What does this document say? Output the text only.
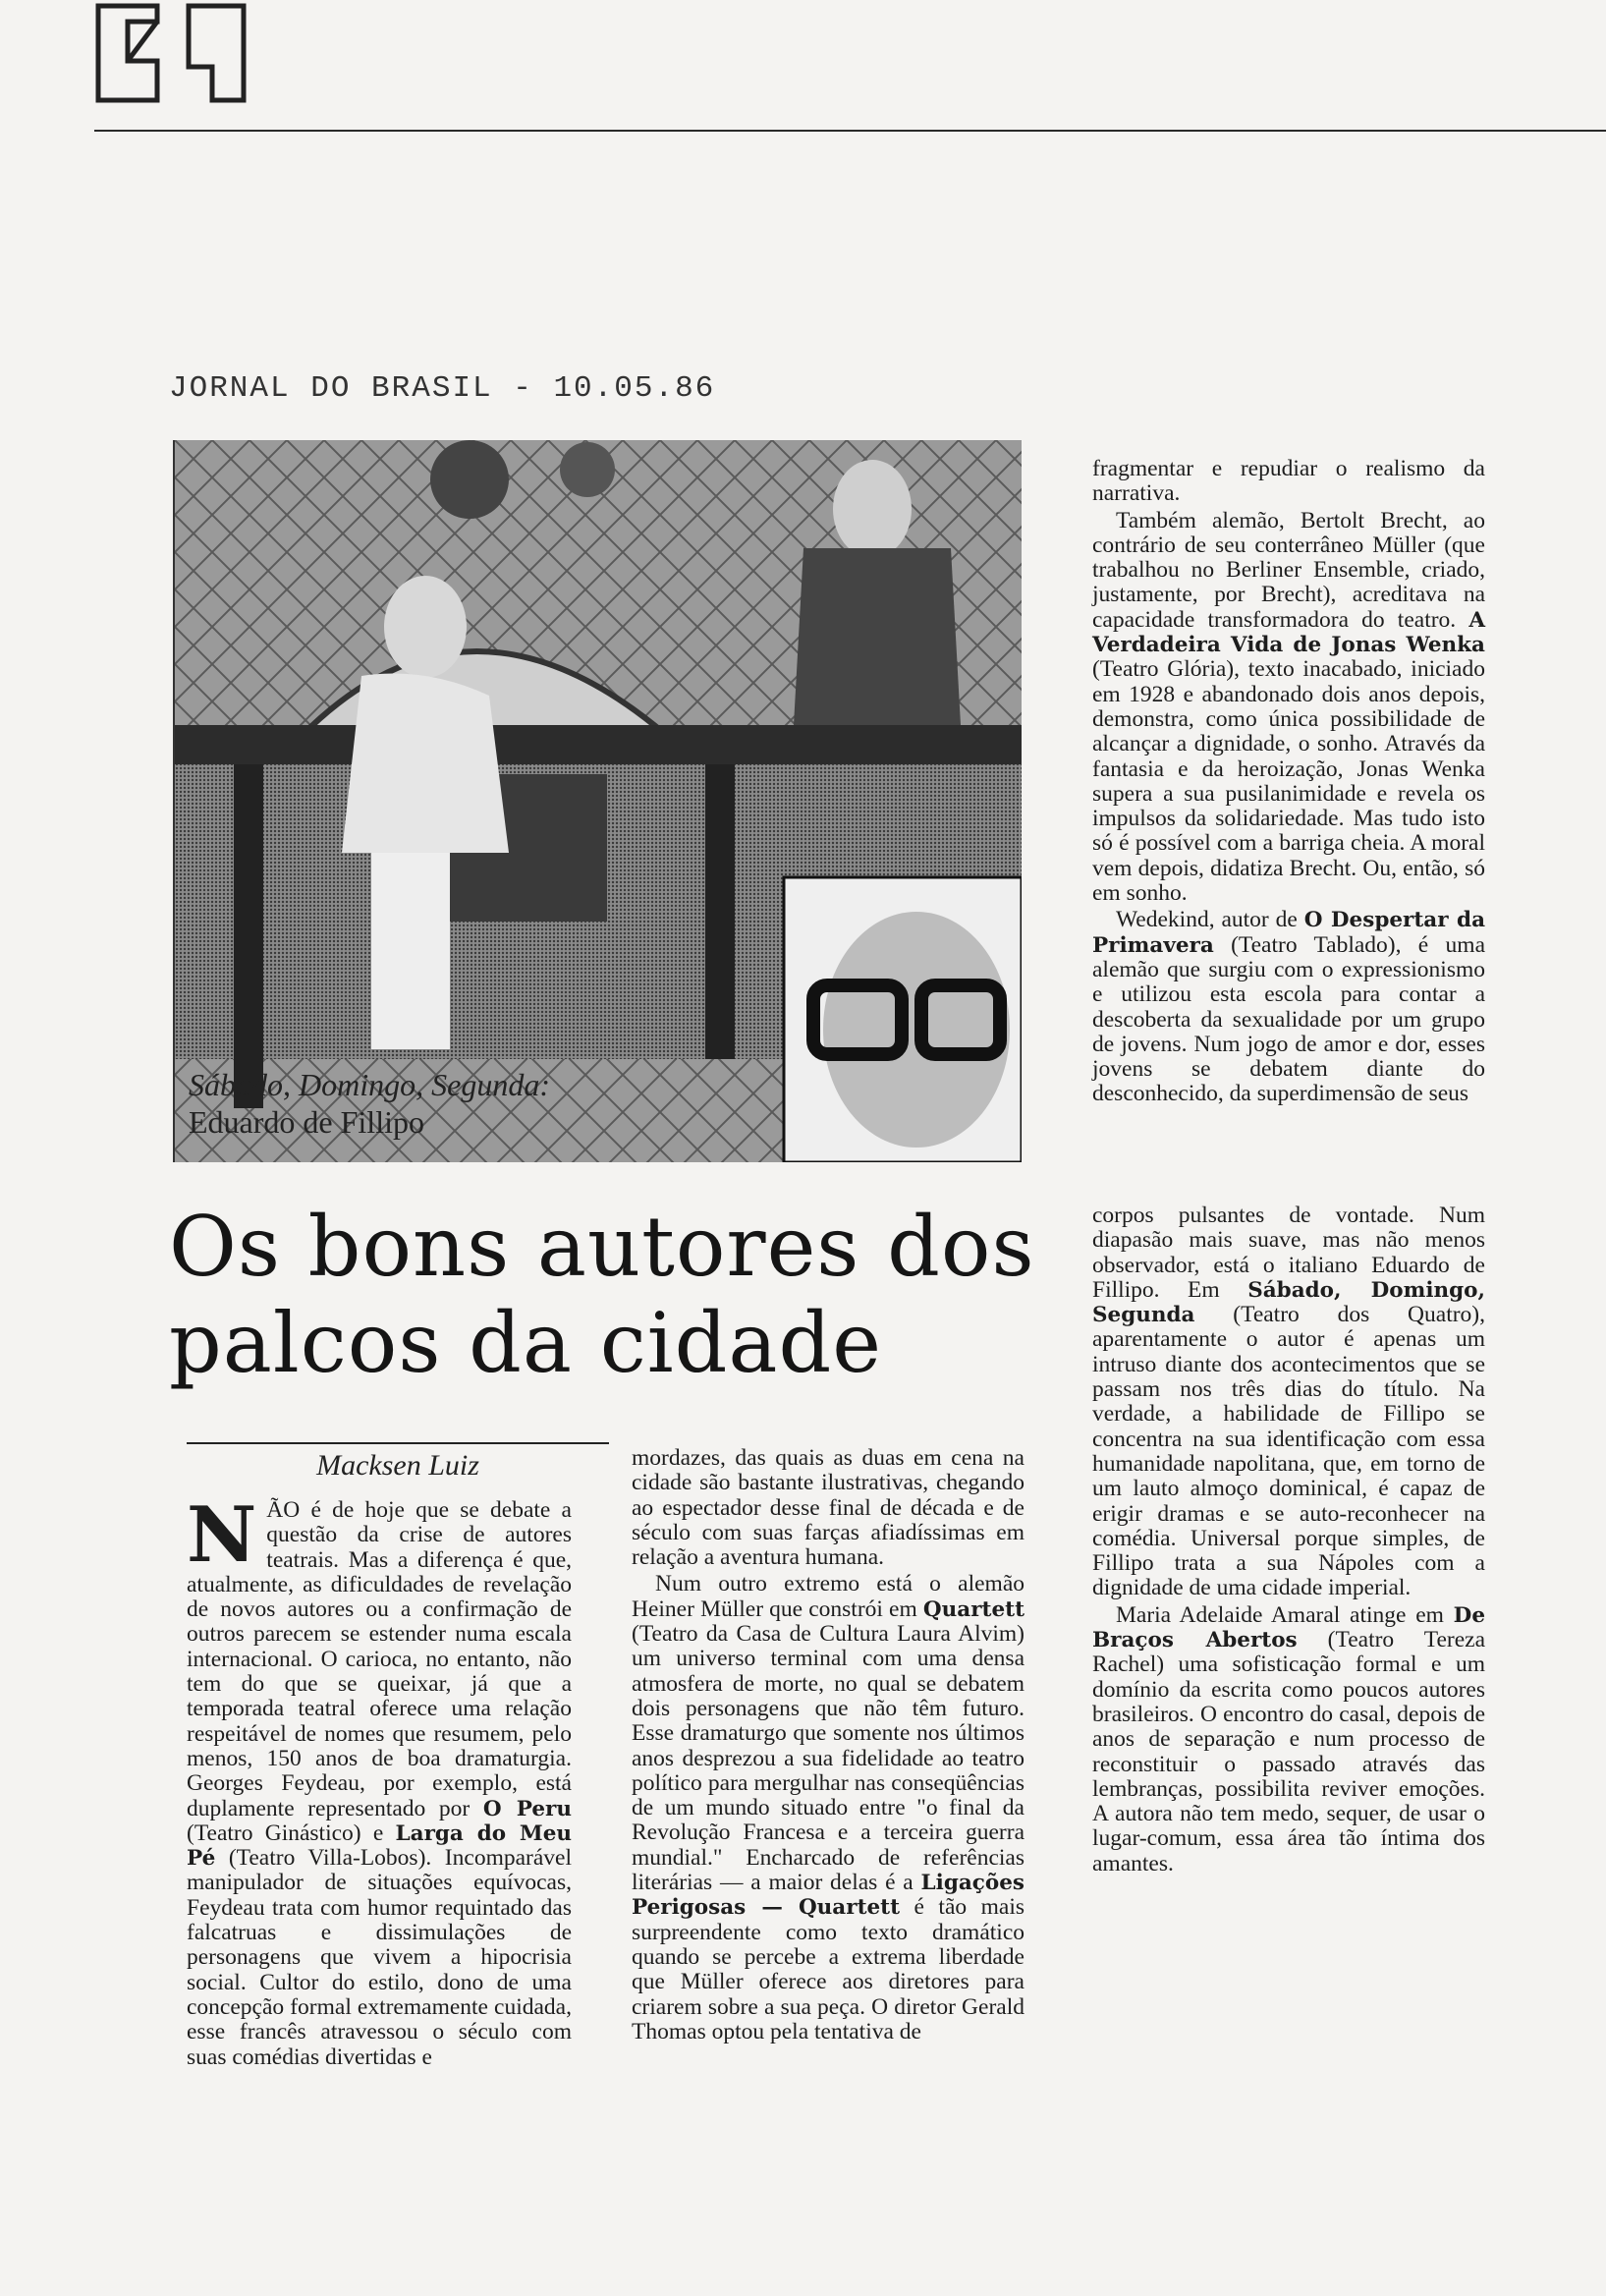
JORNAL DO BRASIL - 10.05.86
Sábado, Domingo, Segunda:
Eduardo de Fillipo
Os bons autores dos
palcos da cidade
Macksen Luiz

NÃO é de hoje que se debate a questão da crise de autores teatrais. Mas a diferença é que, atualmente, as dificuldades de revelação de novos autores ou a confirmação de outros parecem se estender numa escala internacional. O carioca, no entanto, não tem do que se queixar, já que a temporada teatral oferece uma relação respeitável de nomes que resumem, pelo menos, 150 anos de boa dramaturgia. Georges Feydeau, por exemplo, está duplamente representado por O Peru (Teatro Ginástico) e Larga do Meu Pé (Teatro Villa-Lobos). Incomparável manipulador de situações equívocas, Feydeau trata com humor requintado das falcatruas e dissimulações de personagens que vivem a hipocrisia social. Cultor do estilo, dono de uma concepção formal extremamente cuidada, esse francês atravessou o século com suas comédias divertidas e

mordazes, das quais as duas em cena na cidade são bastante ilustrativas, chegando ao espectador desse final de década e de século com suas farças afiadíssimas em relação a aventura humana.

Num outro extremo está o alemão Heiner Müller que constrói em Quartett (Teatro da Casa de Cultura Laura Alvim) um universo terminal com uma densa atmosfera de morte, no qual se debatem dois personagens que não têm futuro. Esse dramaturgo que somente nos últimos anos desprezou a sua fidelidade ao teatro político para mergulhar nas conseqüências de um mundo situado entre "o final da Revolução Francesa e a terceira guerra mundial." Encharcado de referências literárias — a maior delas é a Ligações Perigosas — Quartett é tão mais surpreendente como texto dramático quando se percebe a extrema liberdade que Müller oferece aos diretores para criarem sobre a sua peça. O diretor Gerald Thomas optou pela tentativa de

fragmentar e repudiar o realismo da narrativa.

Também alemão, Bertolt Brecht, ao contrário de seu conterrâneo Müller (que trabalhou no Berliner Ensemble, criado, justamente, por Brecht), acreditava na capacidade transformadora do teatro. A Verdadeira Vida de Jonas Wenka (Teatro Glória), texto inacabado, iniciado em 1928 e abandonado dois anos depois, demonstra, como única possibilidade de alcançar a dignidade, o sonho. Através da fantasia e da heroização, Jonas Wenka supera a sua pusilanimidade e revela os impulsos da solidariedade. Mas tudo isto só é possível com a barriga cheia. A moral vem depois, didatiza Brecht. Ou, então, só em sonho.

Wedekind, autor de O Despertar da Primavera (Teatro Tablado), é uma alemão que surgiu com o expressionismo e utilizou esta escola para contar a descoberta da sexualidade por um grupo de jovens. Num jogo de amor e dor, esses jovens se debatem diante do desconhecido, da superdimensão de seus

corpos pulsantes de vontade. Num diapasão mais suave, mas não menos observador, está o italiano Eduardo de Fillipo. Em Sábado, Domingo, Segunda (Teatro dos Quatro), aparentamente o autor é apenas um intruso diante dos acontecimentos que se passam nos três dias do título. Na verdade, a habilidade de Fillipo se concentra na sua identificação com essa humanidade napolitana, que, em torno de um lauto almoço dominical, é capaz de erigir dramas e se auto-reconhecer na comédia. Universal porque simples, de Fillipo trata a sua Nápoles com a dignidade de uma cidade imperial.

Maria Adelaide Amaral atinge em De Braços Abertos (Teatro Tereza Rachel) uma sofisticação formal e um domínio da escrita como poucos autores brasileiros. O encontro do casal, depois de anos de separação e num processo de reconstituir o passado através das lembranças, possibilita reviver emoções. A autora não tem medo, sequer, de usar o lugar-comum, essa área tão íntima dos amantes.
